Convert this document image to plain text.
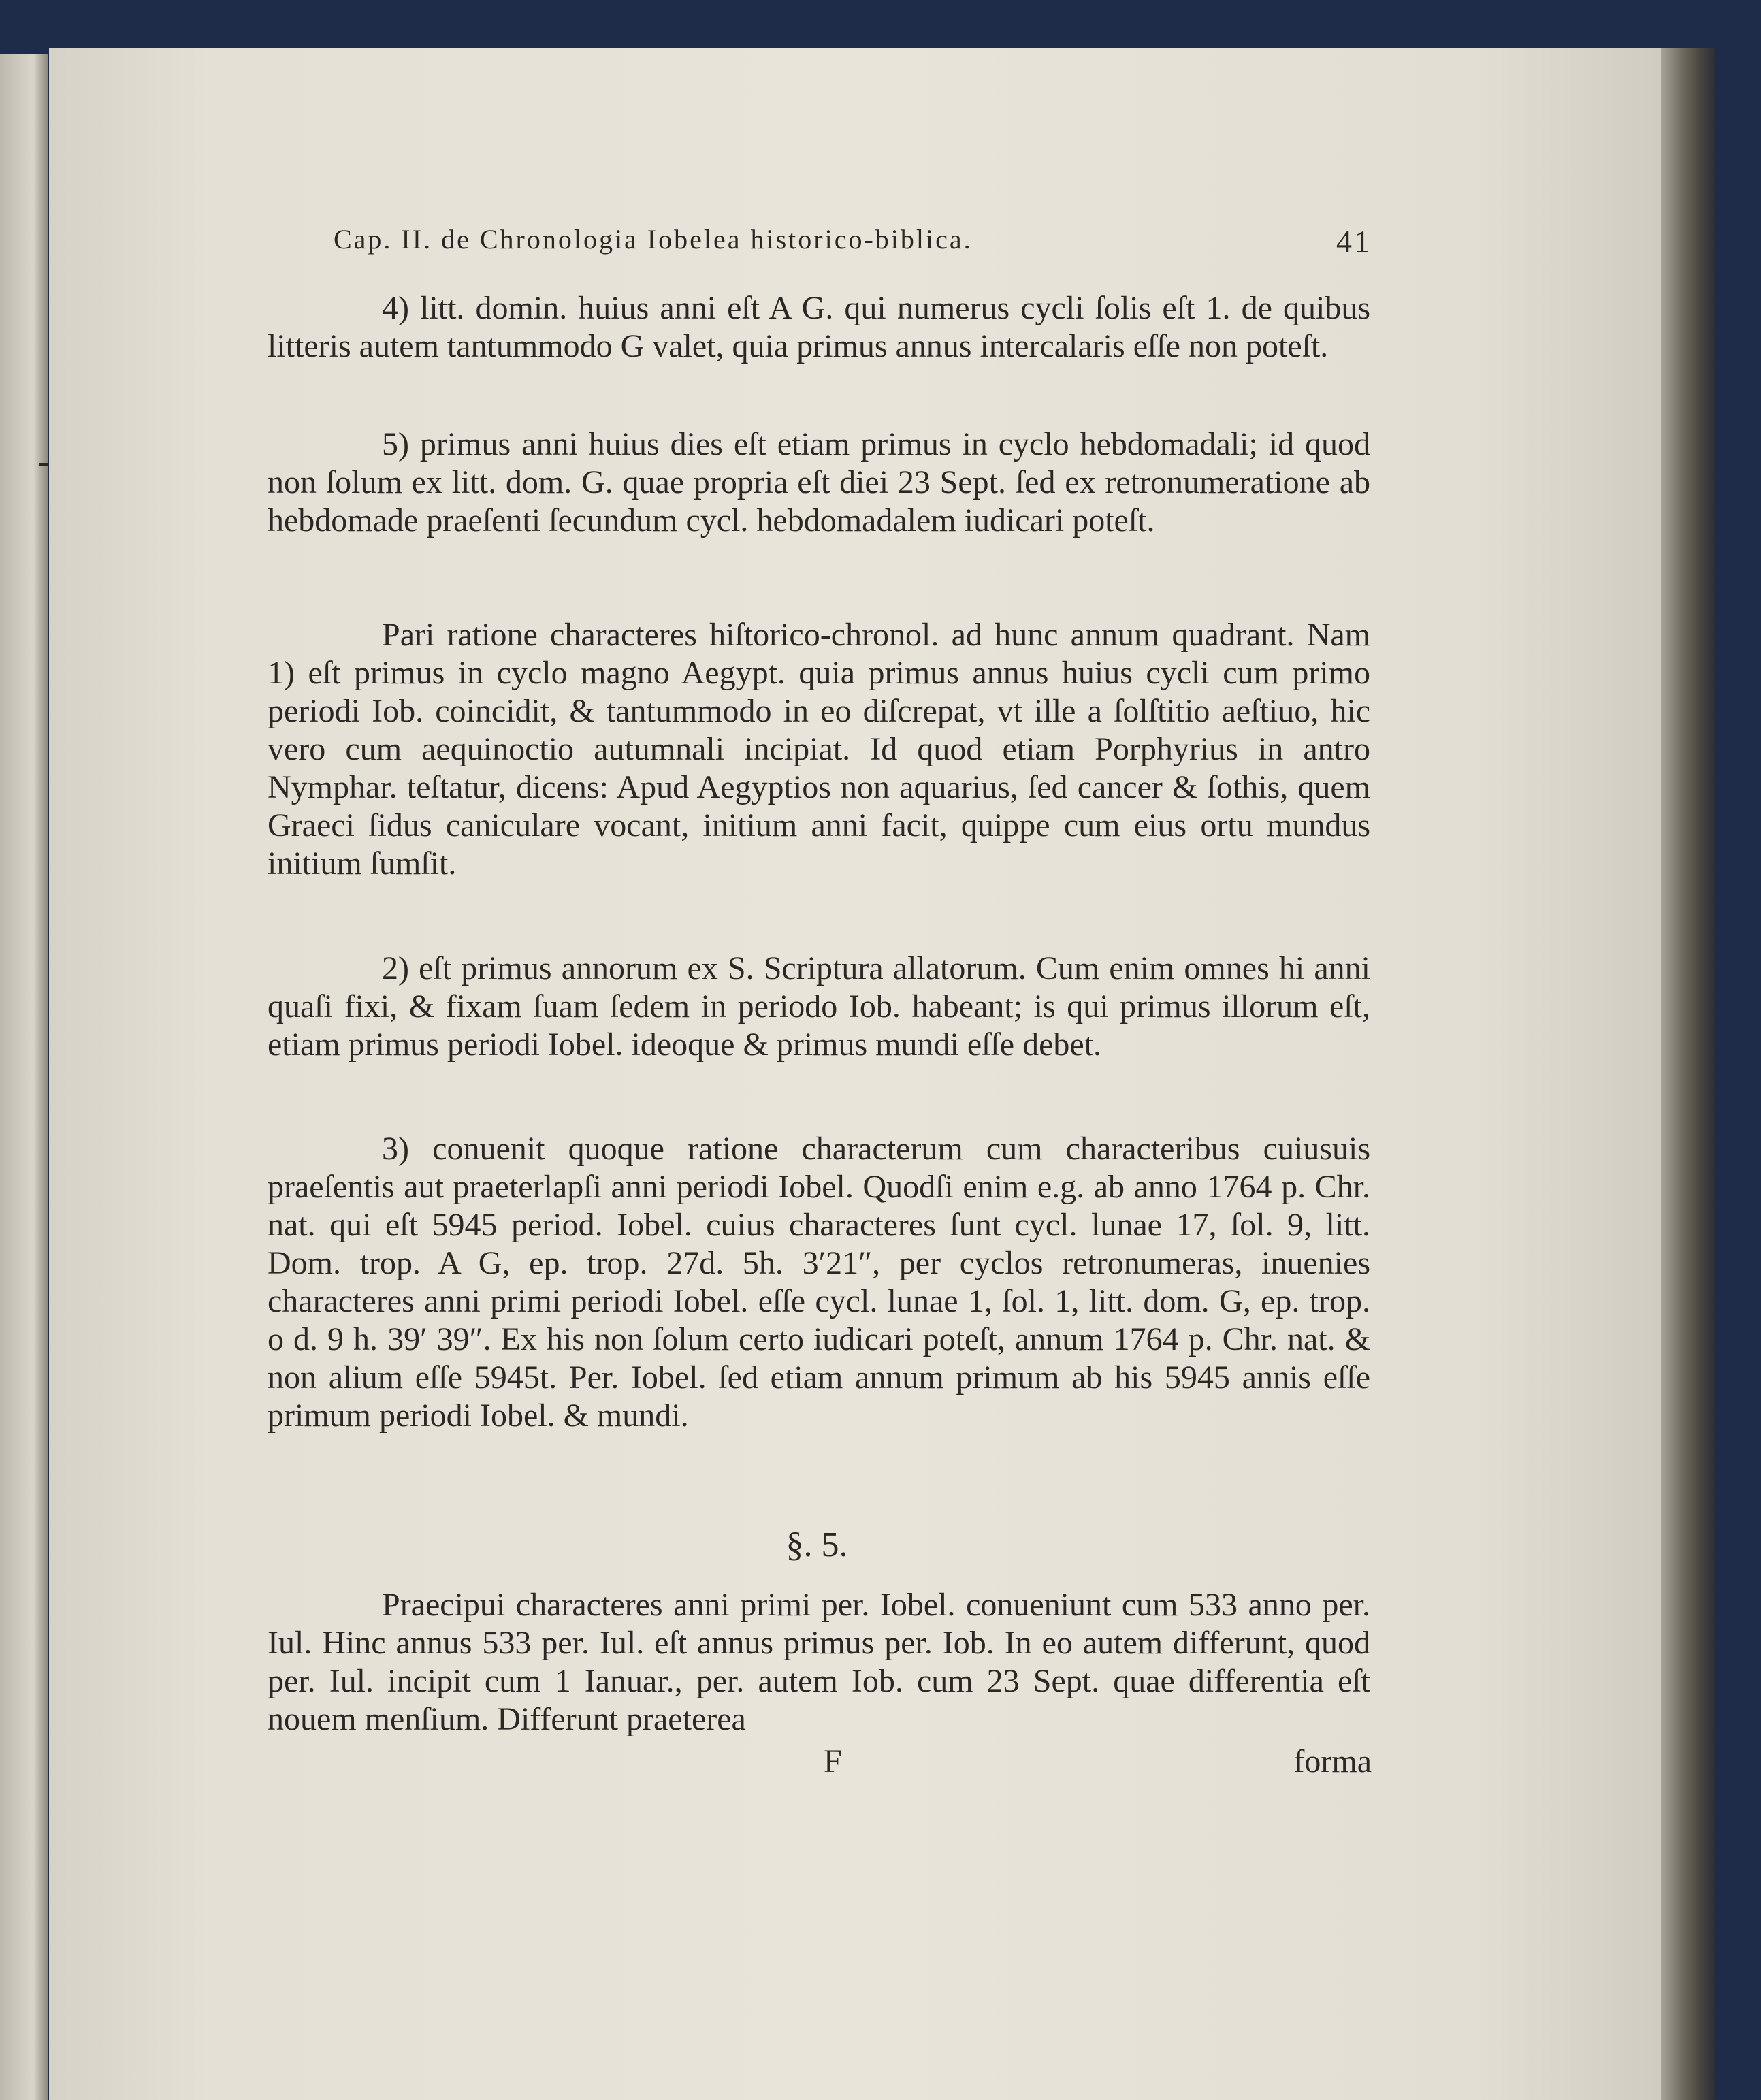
Cap. II. de Chronologia Iobelea historico-biblica.	41

4) litt. domin. huius anni eſt A G. qui numerus cycli ſolis eſt 1. de quibus litteris autem tantummodo G valet, quia primus annus intercalaris eſſe non poteſt.

5) primus anni huius dies eſt etiam primus in cyclo hebdomadali; id quod non ſolum ex litt. dom. G. quae propria eſt diei 23 Sept. ſed ex retronumeratione ab hebdomade praeſenti ſecundum cycl. hebdomadalem iudicari poteſt.

Pari ratione characteres hiſtorico-chronol. ad hunc annum quadrant. Nam 1) eſt primus in cyclo magno Aegypt. quia primus annus huius cycli cum primo periodi Iob. coincidit, & tantummodo in eo diſcrepat, vt ille a ſolſtitio aeſtiuo, hic vero cum aequinoctio autumnali incipiat. Id quod etiam Porphyrius in antro Nymphar. teſtatur, dicens: Apud Aegyptios non aquarius, ſed cancer & ſothis, quem Graeci ſidus caniculare vocant, initium anni facit, quippe cum eius ortu mundus initium ſumſit.

2) eſt primus annorum ex S. Scriptura allatorum. Cum enim omnes hi anni quaſi fixi, & fixam ſuam ſedem in periodo Iob. habeant; is qui primus illorum eſt, etiam primus periodi Iobel. ideoque & primus mundi eſſe debet.

3) conuenit quoque ratione characterum cum characteribus cuiusuis praeſentis aut praeterlapſi anni periodi Iobel. Quodſi enim e.g. ab anno 1764 p. Chr. nat. qui eſt 5945 period. Iobel. cuius characteres ſunt cycl. lunae 17, ſol. 9, litt. Dom. trop. A G, ep. trop. 27d. 5h. 3′21″, per cyclos retronumeras, inuenies characteres anni primi periodi Iobel. eſſe cycl. lunae 1, ſol. 1, litt. dom. G, ep. trop. o d. 9 h. 39′ 39″. Ex his non ſolum certo iudicari poteſt, annum 1764 p. Chr. nat. & non alium eſſe 5945t. Per. Iobel. ſed etiam annum primum ab his 5945 annis eſſe primum periodi Iobel. & mundi.

§. 5.

Praecipui characteres anni primi per. Iobel. conueniunt cum 533 anno per. Iul. Hinc annus 533 per. Iul. eſt annus primus per. Iob. In eo autem differunt, quod per. Iul. incipit cum 1 Ianuar., per. autem Iob. cum 23 Sept. quae differentia eſt nouem menſium. Differunt praeterea

F	forma
